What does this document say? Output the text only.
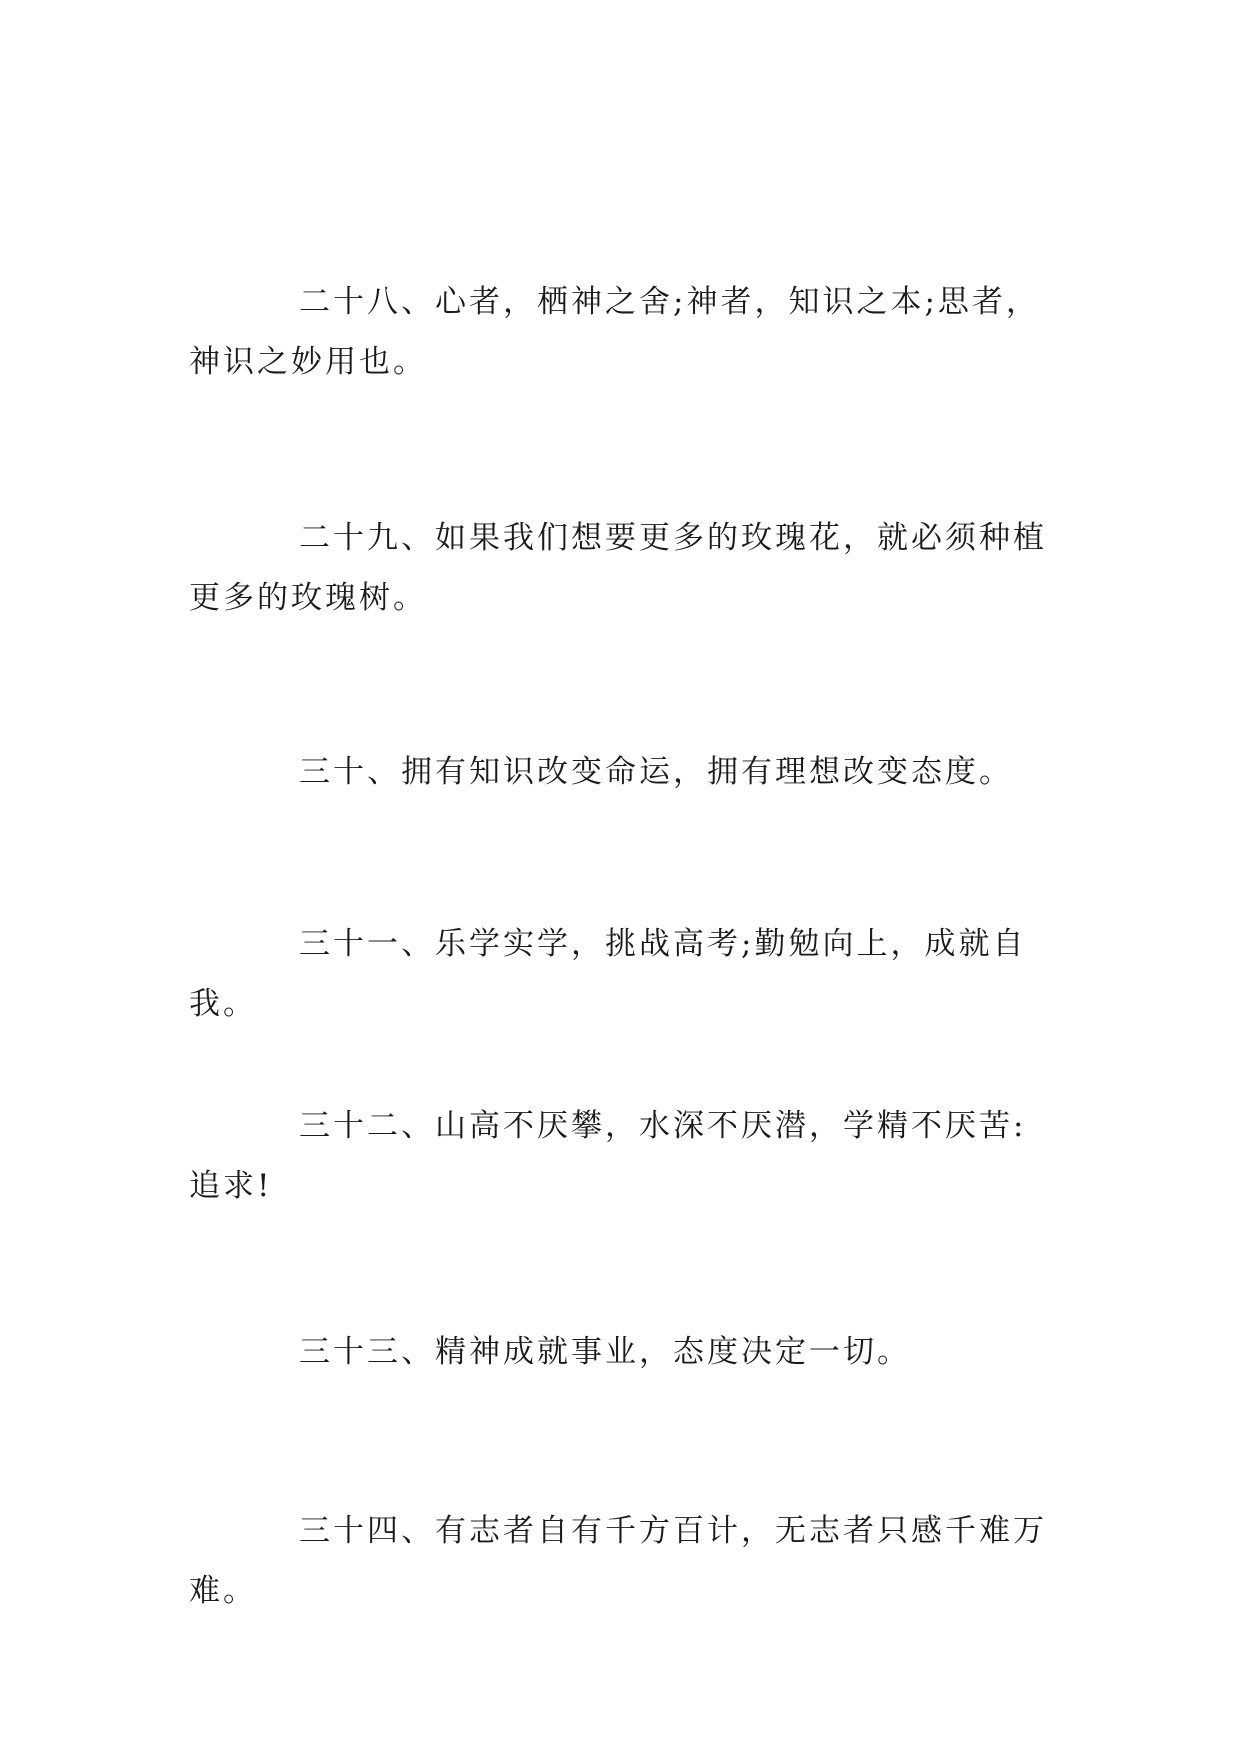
二十八、心者，栖神之舍;神者，知识之本;思者，神识之妙用也。

二十九、如果我们想要更多的玫瑰花，就必须种植更多的玫瑰树。

三十、拥有知识改变命运，拥有理想改变态度。

三十一、乐学实学，挑战高考;勤勉向上，成就自我。

三十二、山高不厌攀，水深不厌潜，学精不厌苦:追求!

三十三、精神成就事业，态度决定一切。

三十四、有志者自有千方百计，无志者只感千难万难。
